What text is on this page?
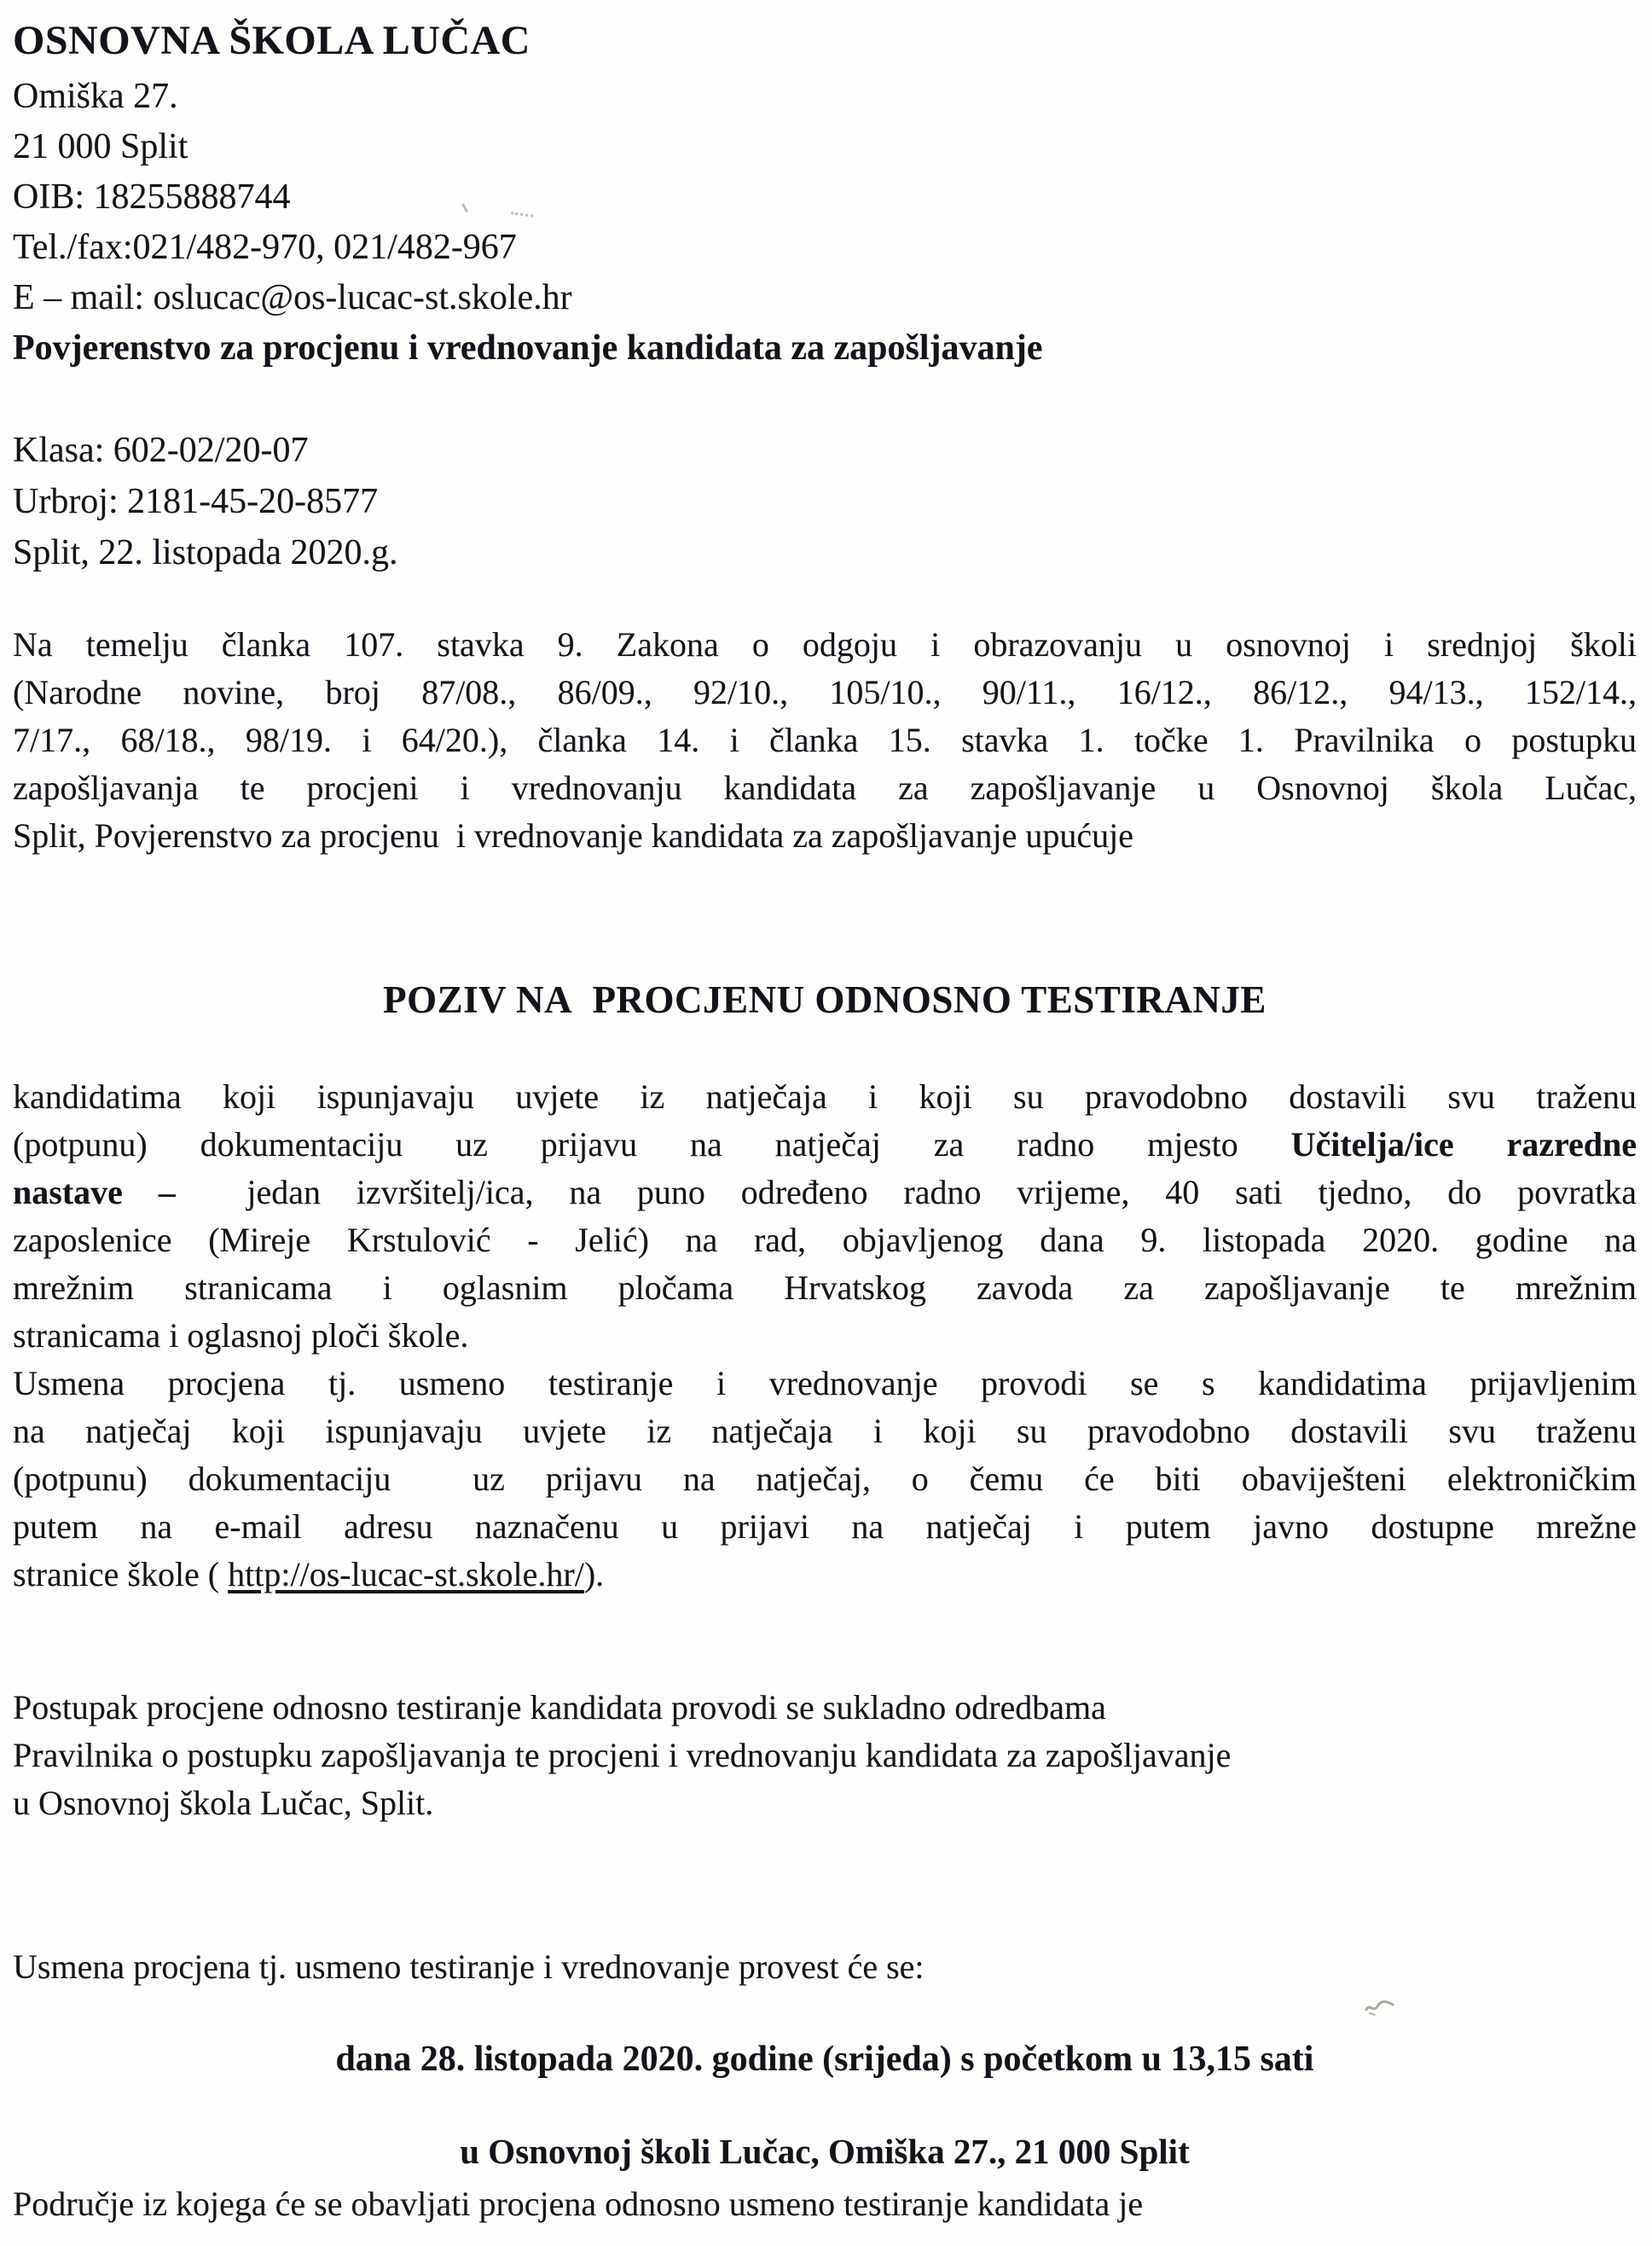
OSNOVNA ŠKOLA LUČAC
Omiška 27.
21 000 Split
OIB: 18255888744
Tel./fax:021/482-970, 021/482-967
E – mail: oslucac@os-lucac-st.skole.hr
Povjerenstvo za procjenu i vrednovanje kandidata za zapošljavanje
Klasa: 602-02/20-07
Urbroj: 2181-45-20-8577
Split, 22. listopada 2020.g.
Na temelju članka 107. stavka 9. Zakona o odgoju i obrazovanju u osnovnoj i srednjoj školi
(Narodne novine, broj 87/08., 86/09., 92/10., 105/10., 90/11., 16/12., 86/12., 94/13., 152/14.,
7/17., 68/18., 98/19. i 64/20.), članka 14. i članka 15. stavka 1. točke 1. Pravilnika o postupku
zapošljavanja te procjeni i vrednovanju kandidata za zapošljavanje u Osnovnoj škola Lučac,
Split, Povjerenstvo za procjenu  i vrednovanje kandidata za zapošljavanje upućuje
POZIV NA  PROCJENU ODNOSNO TESTIRANJE
kandidatima koji ispunjavaju uvjete iz natječaja i koji su pravodobno dostavili svu traženu
(potpunu) dokumentaciju uz prijavu na natječaj za radno mjesto Učitelja/ice razredne
nastave –  jedan izvršitelj/ica, na puno određeno radno vrijeme, 40 sati tjedno, do povratka
zaposlenice (Mireje Krstulović - Jelić) na rad, objavljenog dana 9. listopada 2020. godine na
mrežnim stranicama i oglasnim pločama Hrvatskog zavoda za zapošljavanje te mrežnim
stranicama i oglasnoj ploči škole.
Usmena procjena tj. usmeno testiranje i vrednovanje provodi se s kandidatima prijavljenim
na natječaj koji ispunjavaju uvjete iz natječaja i koji su pravodobno dostavili svu traženu
(potpunu) dokumentaciju  uz prijavu na natječaj, o čemu će biti obaviješteni elektroničkim
putem na e-mail adresu naznačenu u prijavi na natječaj i putem javno dostupne mrežne
stranice škole ( http://os-lucac-st.skole.hr/).
Postupak procjene odnosno testiranje kandidata provodi se sukladno odredbama
Pravilnika o postupku zapošljavanja te procjeni i vrednovanju kandidata za zapošljavanje
u Osnovnoj škola Lučac, Split.
Usmena procjena tj. usmeno testiranje i vrednovanje provest će se:
dana 28. listopada 2020. godine (srijeda) s početkom u 13,15 sati
u Osnovnoj školi Lučac, Omiška 27., 21 000 Split
Područje iz kojega će se obavljati procjena odnosno usmeno testiranje kandidata je
